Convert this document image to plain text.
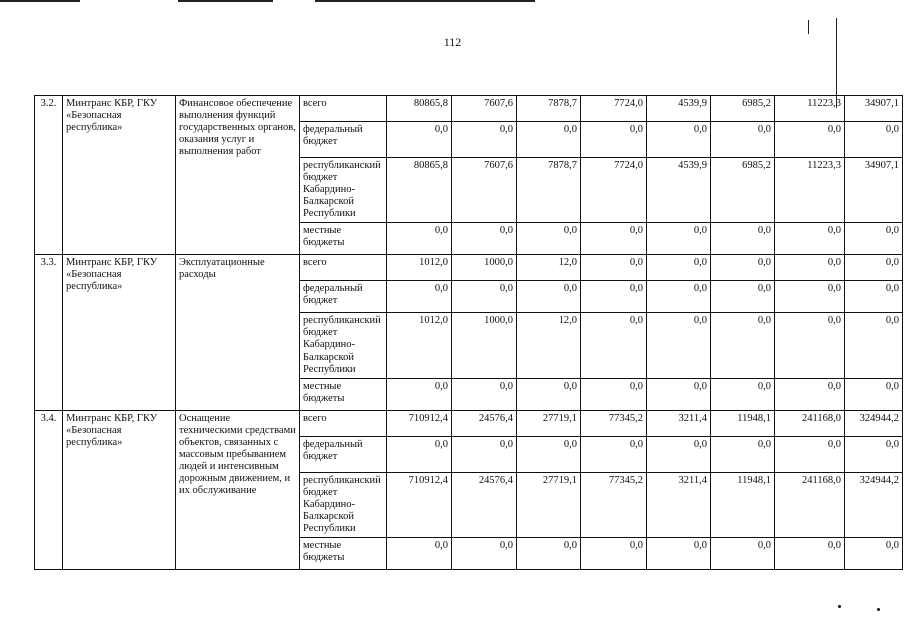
112
3.2.	Минтранс КБР, ГКУ «Безопасная республика»	Финансовое обеспечение выполнения функций государственных органов, оказания услуг и выполнения работ	всего	80865,8	7607,6	7878,7	7724,0	4539,9	6985,2	11223,3	34907,1
			федеральный бюджет	0,0	0,0	0,0	0,0	0,0	0,0	0,0	0,0
			республиканский бюджет Кабардино-Балкарской Республики	80865,8	7607,6	7878,7	7724,0	4539,9	6985,2	11223,3	34907,1
			местные бюджеты	0,0	0,0	0,0	0,0	0,0	0,0	0,0	0,0
3.3.	Минтранс КБР, ГКУ «Безопасная республика»	Эксплуатационные расходы	всего	1012,0	1000,0	12,0	0,0	0,0	0,0	0,0	0,0
			федеральный бюджет	0,0	0,0	0,0	0,0	0,0	0,0	0,0	0,0
			республиканский бюджет Кабардино-Балкарской Республики	1012,0	1000,0	12,0	0,0	0,0	0,0	0,0	0,0
			местные бюджеты	0,0	0,0	0,0	0,0	0,0	0,0	0,0	0,0
3.4.	Минтранс КБР, ГКУ «Безопасная республика»	Оснащение техническими средствами объектов, связанных с массовым пребыванием людей и интенсивным дорожным движением, и их обслуживание	всего	710912,4	24576,4	27719,1	77345,2	3211,4	11948,1	241168,0	324944,2
			федеральный бюджет	0,0	0,0	0,0	0,0	0,0	0,0	0,0	0,0
			республиканский бюджет Кабардино-Балкарской Республики	710912,4	24576,4	27719,1	77345,2	3211,4	11948,1	241168,0	324944,2
			местные бюджеты	0,0	0,0	0,0	0,0	0,0	0,0	0,0	0,0
